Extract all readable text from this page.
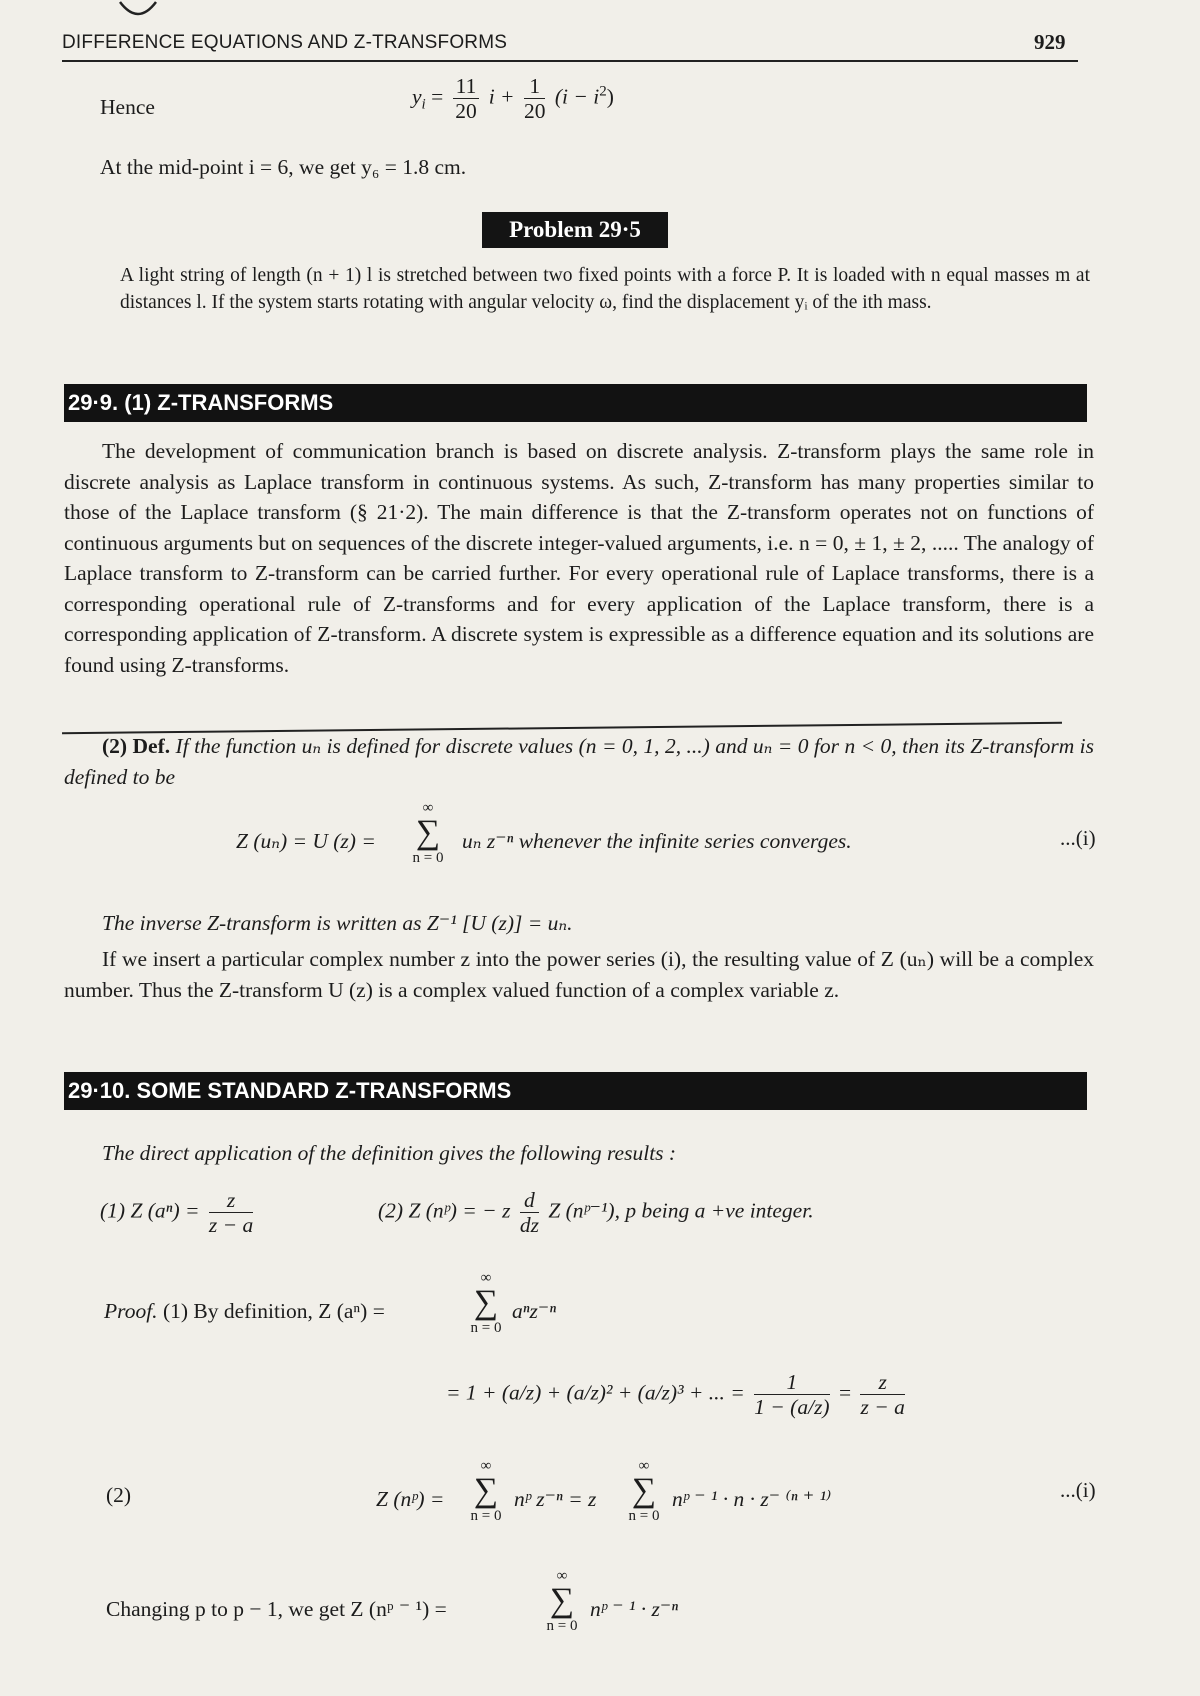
DIFFERENCE EQUATIONS AND Z-TRANSFORMS	929
Hence	$y_i = \frac{11}{20}$ $i + \frac{1}{20} (i - i^2)$
At the mid-point i = 6, we get y₆ = 1.8 cm.
Problem 29·5
A light string of length (n + 1) l is stretched between two fixed points with a force P. It is loaded with n equal masses m at distances l. If the system starts rotating with angular velocity ω, find the displacement yᵢ of the ith mass.
29·9. (1) Z-TRANSFORMS
The development of communication branch is based on discrete analysis. Z-transform plays the same role in discrete analysis as Laplace transform in continuous systems. As such, Z-transform has many properties similar to those of the Laplace transform (§ 21·2). The main difference is that the Z-transform operates not on functions of continuous arguments but on sequences of the discrete integer-valued arguments, i.e. n = 0, ± 1, ± 2, ..... The analogy of Laplace transform to Z-transform can be carried further. For every operational rule of Laplace transforms, there is a corresponding operational rule of Z-transforms and for every application of the Laplace transform, there is a corresponding application of Z-transform. A discrete system is expressible as a difference equation and its solutions are found using Z-transforms.
(2) Def. If the function uₙ is defined for discrete values (n = 0, 1, 2, ...) and uₙ = 0 for n < 0, then its Z-transform is defined to be
Z (uₙ) = U (z) =
∞
∑
n = 0
uₙ z⁻ⁿ whenever the infinite series converges.	...(i)
The inverse Z-transform is written as Z⁻¹ [U (z)] = uₙ.
If we insert a particular complex number z into the power series (i), the resulting value of Z (uₙ) will be a complex number. Thus the Z-transform U (z) is a complex valued function of a complex variable z.
29·10. SOME STANDARD Z-TRANSFORMS
The direct application of the definition gives the following results :
(1) Z $(a^n) = \frac{z}{z - a}$	(2) Z (nᵖ) = − z $\frac{d}{dz}$ Z (nᵖ⁻¹), p being a +ve integer.
Proof. (1) By definition, Z (aⁿ) =
∞
∑
n = 0
aⁿz⁻ⁿ
= 1 + (a/z) + (a/z)² + (a/z)³ + ... = $\frac{1}{1 - (a/z)} = \frac{z}{z - a}$
(2)	Z (nᵖ) =
∞
∑
n = 0
nᵖ z⁻ⁿ = z
∞
∑
n = 0
nᵖ ⁻ ¹ · n · z⁻ ⁽ⁿ ⁺ ¹⁾	...(i)
Changing p to p − 1, we get Z (nᵖ ⁻ ¹) =
∞
∑
n = 0
nᵖ ⁻ ¹ · z⁻ⁿ
